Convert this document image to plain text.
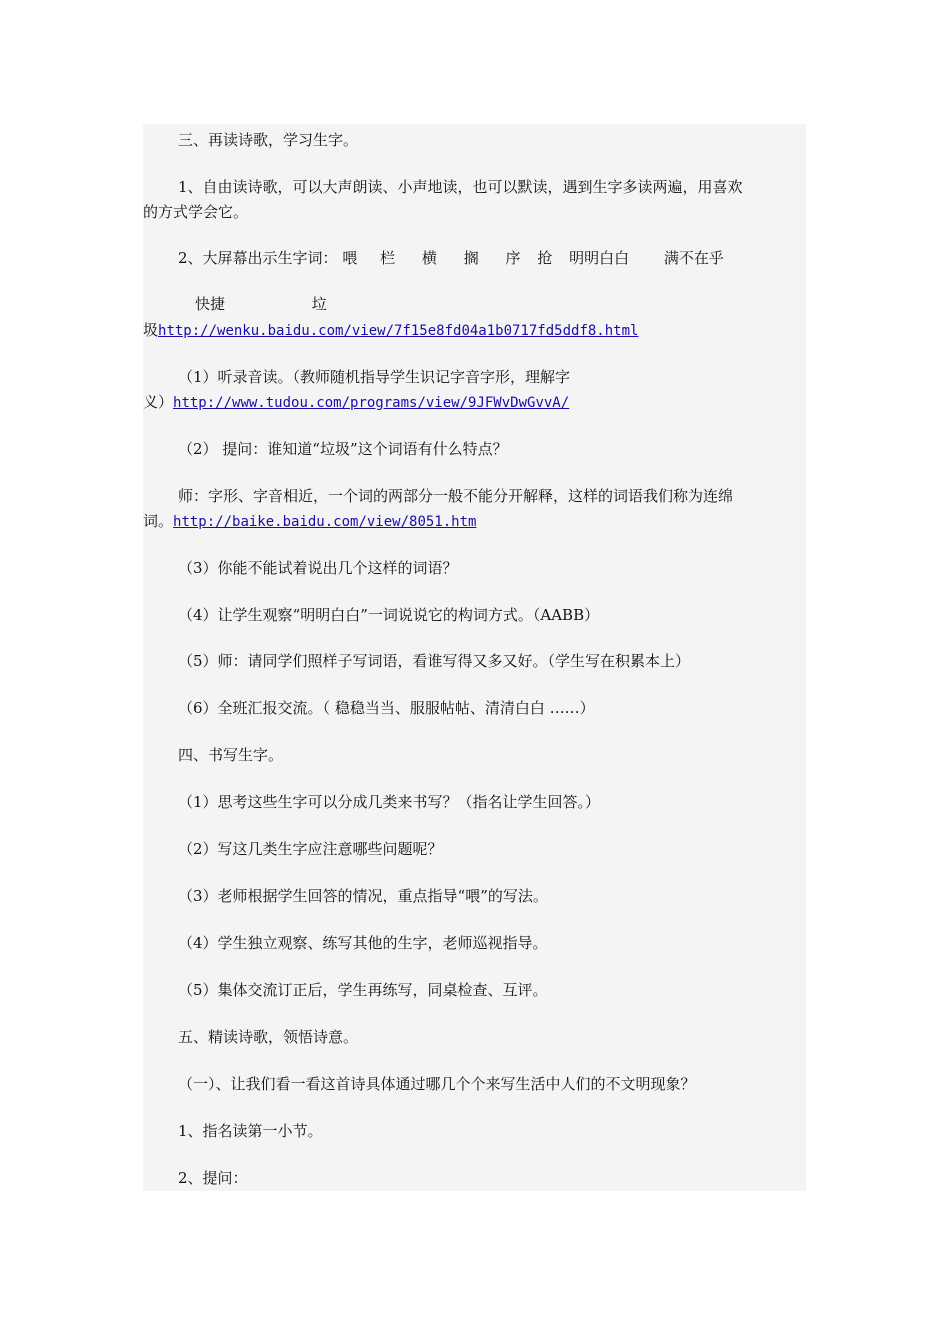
三、再读诗歌，学习生字。
1、自由读诗歌，可以大声朗读、小声地读，也可以默读，遇到生字多读两遍，用喜欢
的方式学会它。
2、大屏幕出示生字词： 喂 栏 横 搁 序 抢 明明白白 满不在乎
快捷	垃
圾http://wenku.baidu.com/view/7f15e8fd04a1b0717fd5ddf8.html
（1）听录音读。（教师随机指导学生识记字音字形，理解字
义）http://www.tudou.com/programs/view/9JFWvDwGvvA/
（2） 提问：谁知道“垃圾”这个词语有什么特点？
师：字形、字音相近，一个词的两部分一般不能分开解释，这样的词语我们称为连绵
词。http://baike.baidu.com/view/8051.htm
（3）你能不能试着说出几个这样的词语？
（4）让学生观察“明明白白”一词说说它的构词方式。（AABB）
（5）师：请同学们照样子写词语，看谁写得又多又好。（学生写在积累本上）
（6）全班汇报交流。（ 稳稳当当、服服帖帖、清清白白 ……）
四、书写生字。
（1）思考这些生字可以分成几类来书写？（指名让学生回答。）
（2）写这几类生字应注意哪些问题呢？
（3）老师根据学生回答的情况，重点指导“喂”的写法。
（4）学生独立观察、练写其他的生字，老师巡视指导。
（5）集体交流订正后，学生再练写，同桌检查、互评。
五、精读诗歌，领悟诗意。
（一）、让我们看一看这首诗具体通过哪几个个来写生活中人们的不文明现象？
1、指名读第一小节。
2、提问：
